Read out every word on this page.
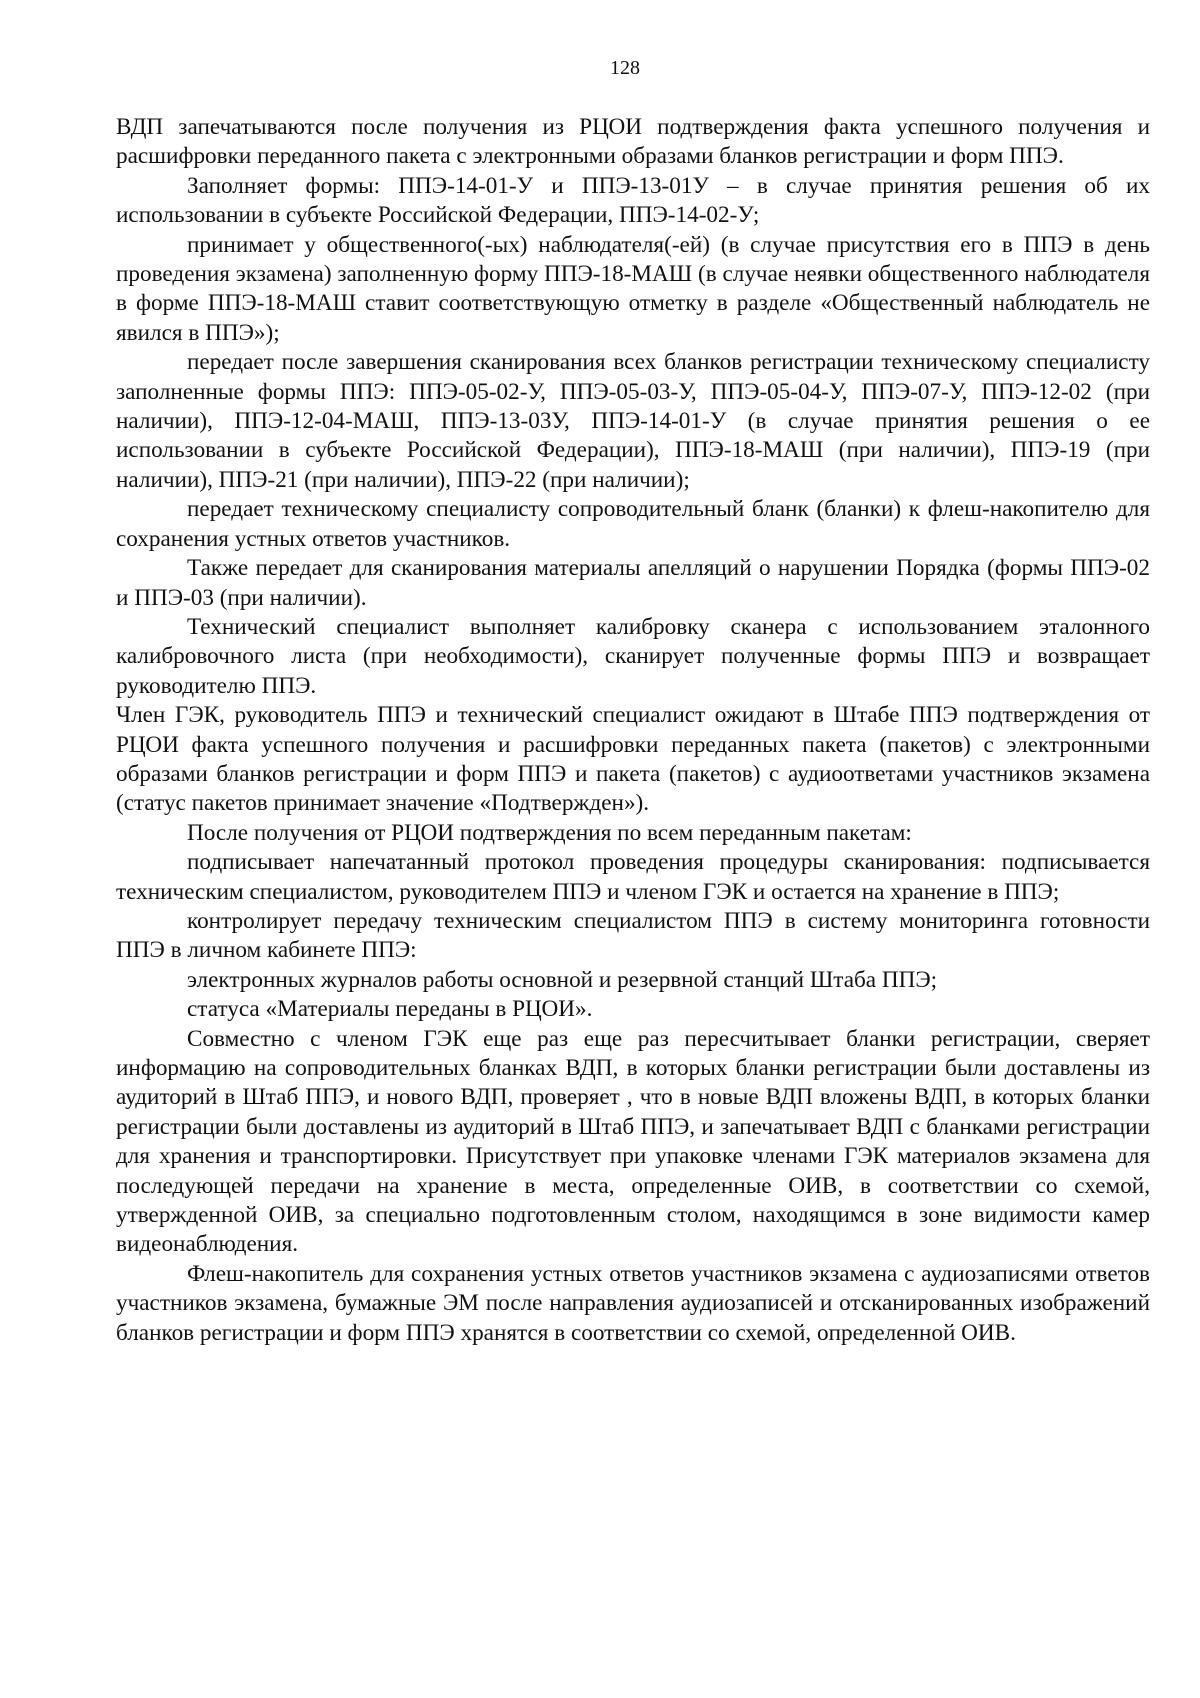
128

ВДП запечатываются после получения из РЦОИ подтверждения факта успешного получения и расшифровки переданного пакета с электронными образами бланков регистрации и форм ППЭ.

Заполняет формы: ППЭ-14-01-У и ППЭ-13-01У – в случае принятия решения об их использовании в субъекте Российской Федерации, ППЭ-14-02-У;

принимает у общественного(-ых) наблюдателя(-ей) (в случае присутствия его в ППЭ в день проведения экзамена) заполненную форму ППЭ-18-МАШ (в случае неявки общественного наблюдателя в форме ППЭ-18-МАШ ставит соответствующую отметку в разделе «Общественный наблюдатель не явился в ППЭ»);

передает после завершения сканирования всех бланков регистрации техническому специалисту заполненные формы ППЭ: ППЭ-05-02-У, ППЭ-05-03-У, ППЭ-05-04-У, ППЭ-07-У, ППЭ-12-02 (при наличии), ППЭ-12-04-МАШ, ППЭ-13-03У, ППЭ-14-01-У (в случае принятия решения о ее использовании в субъекте Российской Федерации), ППЭ-18-МАШ (при наличии), ППЭ-19 (при наличии), ППЭ-21 (при наличии), ППЭ-22 (при наличии);

передает техническому специалисту сопроводительный бланк (бланки) к флеш-накопителю для сохранения устных ответов участников.

Также передает для сканирования материалы апелляций о нарушении Порядка (формы ППЭ-02 и ППЭ-03 (при наличии).

Технический специалист выполняет калибровку сканера с использованием эталонного калибровочного листа (при необходимости), сканирует полученные формы ППЭ и возвращает руководителю ППЭ.

Член ГЭК, руководитель ППЭ и технический специалист ожидают в Штабе ППЭ подтверждения от РЦОИ факта успешного получения и расшифровки переданных пакета (пакетов) с электронными образами бланков регистрации и форм ППЭ и пакета (пакетов) с аудиоответами участников экзамена (статус пакетов принимает значение «Подтвержден»).

После получения от РЦОИ подтверждения по всем переданным пакетам:

подписывает напечатанный протокол проведения процедуры сканирования: подписывается техническим специалистом, руководителем ППЭ и членом ГЭК и остается на хранение в ППЭ;

контролирует передачу техническим специалистом ППЭ в систему мониторинга готовности ППЭ в личном кабинете ППЭ:

электронных журналов работы основной и резервной станций Штаба ППЭ;

статуса «Материалы переданы в РЦОИ».

Совместно с членом ГЭК еще раз еще раз пересчитывает бланки регистрации, сверяет информацию на сопроводительных бланках ВДП, в которых бланки регистрации были доставлены из аудиторий в Штаб ППЭ, и нового ВДП, проверяет , что в новые ВДП вложены ВДП, в которых бланки регистрации были доставлены из аудиторий в Штаб ППЭ, и запечатывает ВДП с бланками регистрации для хранения и транспортировки. Присутствует при упаковке членами ГЭК материалов экзамена для последующей передачи на хранение в места, определенные ОИВ, в соответствии со схемой, утвержденной ОИВ, за специально подготовленным столом, находящимся в зоне видимости камер видеонаблюдения.

Флеш-накопитель для сохранения устных ответов участников экзамена с аудиозаписями ответов участников экзамена, бумажные ЭМ после направления аудиозаписей и отсканированных изображений бланков регистрации и форм ППЭ хранятся в соответствии со схемой, определенной ОИВ.
